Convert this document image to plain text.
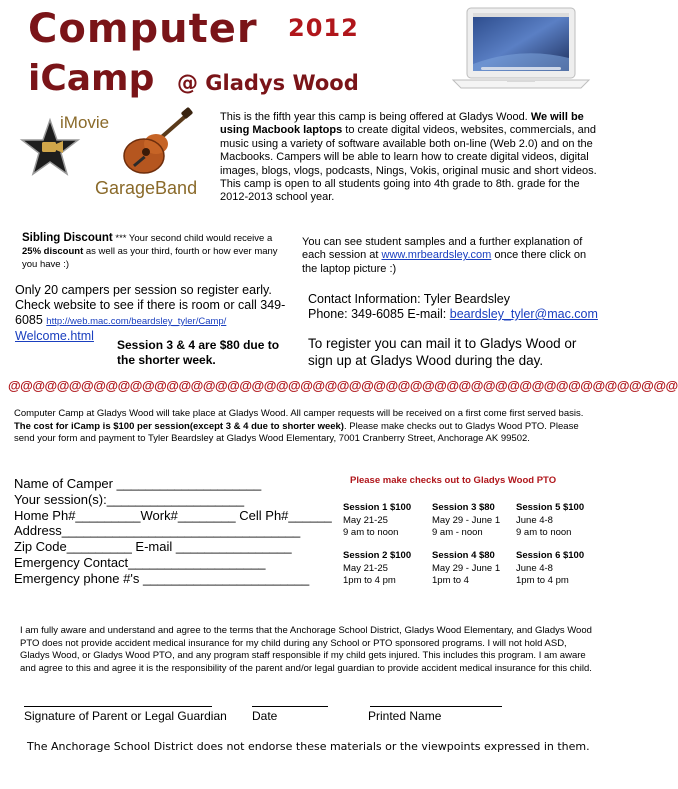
Computer 2012
iCamp @ Gladys Wood
iMovie
GarageBand
This is the fifth year this camp is being offered at Gladys Wood. We will be using Macbook laptops to create digital videos, websites, commercials, and music using a variety of software available both on-line (Web 2.0) and on the Macbooks. Campers will be able to learn how to create digital videos, digital images, blogs, vlogs, podcasts, Nings, Vokis, original music and short videos. This camp is open to all students going into 4th grade to 8th. grade for the 2012-2013 school year.
Sibling Discount *** Your second child would receive a 25% discount as well as your third, fourth or how ever many you have :)
You can see student samples and a further explanation of each session at www.mrbeardsley.com once there click on the laptop picture :)
Only 20 campers per session so register early. Check website to see if there is room or call 349-6085 http://web.mac.com/beardsley_tyler/Camp/
Welcome.html
Contact Information: Tyler Beardsley
Phone: 349-6085 E-mail: beardsley_tyler@mac.com
Session 3 & 4 are $80 due to the shorter week.
To register you can mail it to Gladys Wood or sign up at Gladys Wood during the day.
@@@@@@@@@@@@@@@@@@@@@@@@@@@@@@@@@@@@@@@@@@@@@@@@@@@@@@@
Computer Camp at Gladys Wood will take place at Gladys Wood. All camper requests will be received on a first come first served basis. The cost for iCamp is $100 per session(except 3 & 4 due to shorter week). Please make checks out to Gladys Wood PTO. Please send your form and payment to Tyler Beardsley at Gladys Wood Elementary, 7001 Cranberry Street, Anchorage AK 99502.
Name of Camper ____________________
Your session(s):___________________
Home Ph#_________Work#________ Cell Ph#______
Address_________________________________
Zip Code_________ E-mail ________________
Emergency Contact___________________
Emergency phone #'s _______________________
Please make checks out to Gladys Wood PTO
Session 1 $100
May 21-25
9 am to noon
Session 3 $80
May 29 - June 1
9 am - noon
Session 5 $100
June 4-8
9 am to noon
Session 2 $100
May 21-25
1pm to 4 pm
Session 4 $80
May 29 - June 1
1pm to 4
Session 6 $100
June 4-8
1pm to 4 pm
I am fully aware and understand and agree to the terms that the Anchorage School District, Gladys Wood Elementary, and Gladys Wood PTO does not provide accident medical insurance for my child during any School or PTO sponsored programs. I will not hold ASD, Gladys Wood, or Gladys Wood PTO, and any program staff responsible if my child gets injured. This includes this program. I am aware and agree to this and agree it is the responsibility of the parent and/or legal guardian to provide accident medical insurance for this child.
Signature of Parent or Legal Guardian Date	Printed Name
The Anchorage School District does not endorse these materials or the viewpoints expressed in them.
